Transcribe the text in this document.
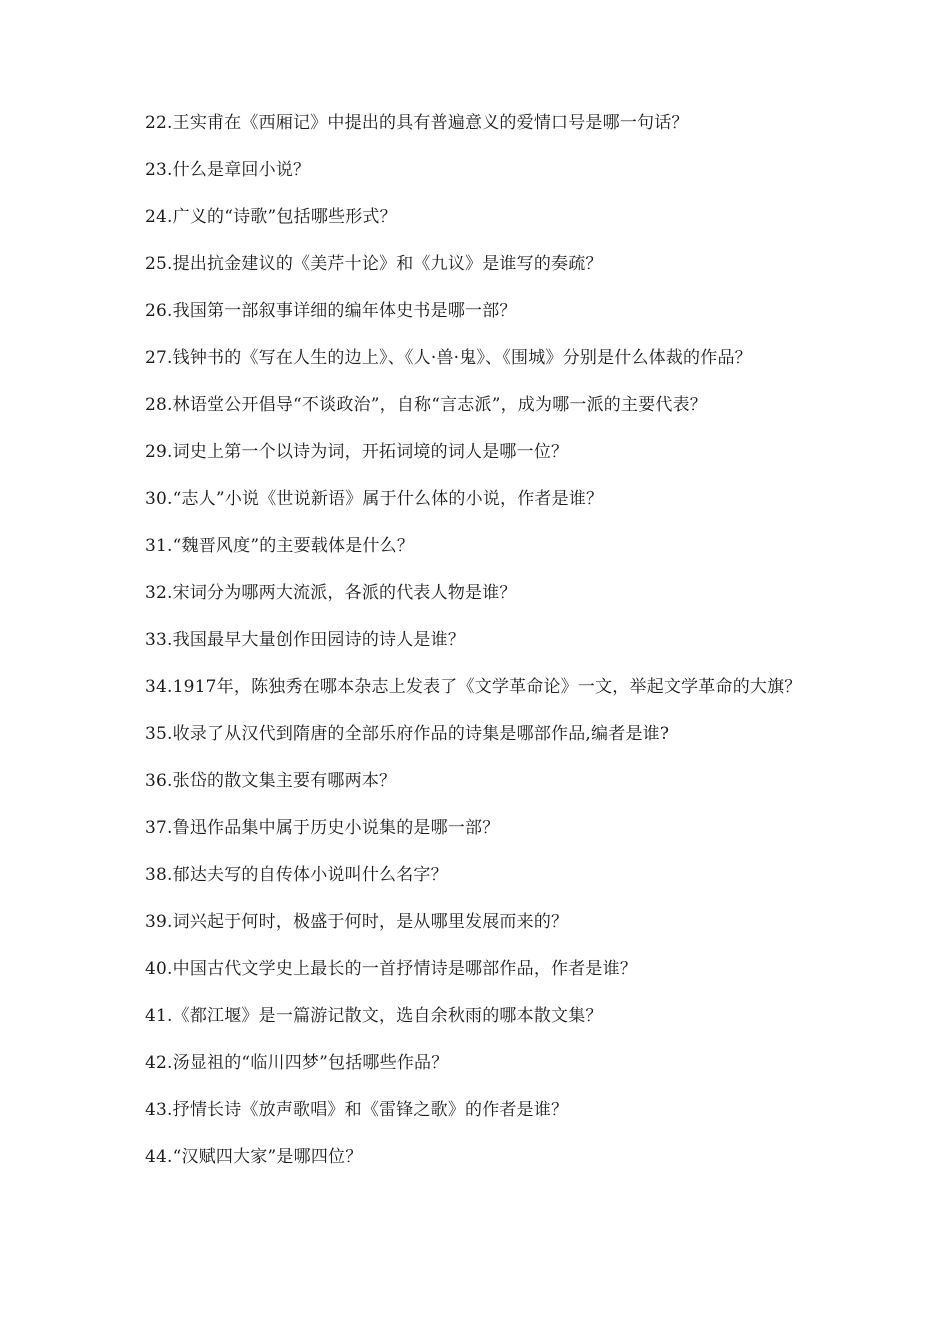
22.王实甫在《西厢记》中提出的具有普遍意义的爱情口号是哪一句话？
23.什么是章回小说？
24.广义的“诗歌”包括哪些形式？
25.提出抗金建议的《美芹十论》和《九议》是谁写的奏疏？
26.我国第一部叙事详细的编年体史书是哪一部？
27.钱钟书的《写在人生的边上》、《人·兽·鬼》、《围城》分别是什么体裁的作品？
28.林语堂公开倡导“不谈政治”，自称“言志派”，成为哪一派的主要代表？
29.词史上第一个以诗为词，开拓词境的词人是哪一位？
30.“志人”小说《世说新语》属于什么体的小说，作者是谁？
31.“魏晋风度”的主要载体是什么？
32.宋词分为哪两大流派，各派的代表人物是谁？
33.我国最早大量创作田园诗的诗人是谁？
34.1917年，陈独秀在哪本杂志上发表了《文学革命论》一文，举起文学革命的大旗？
35.收录了从汉代到隋唐的全部乐府作品的诗集是哪部作品,编者是谁?
36.张岱的散文集主要有哪两本？
37.鲁迅作品集中属于历史小说集的是哪一部？
38.郁达夫写的自传体小说叫什么名字？
39.词兴起于何时，极盛于何时，是从哪里发展而来的？
40.中国古代文学史上最长的一首抒情诗是哪部作品，作者是谁？
41.《都江堰》是一篇游记散文，选自余秋雨的哪本散文集？
42.汤显祖的“临川四梦”包括哪些作品？
43.抒情长诗《放声歌唱》和《雷锋之歌》的作者是谁？
44.“汉赋四大家”是哪四位？
